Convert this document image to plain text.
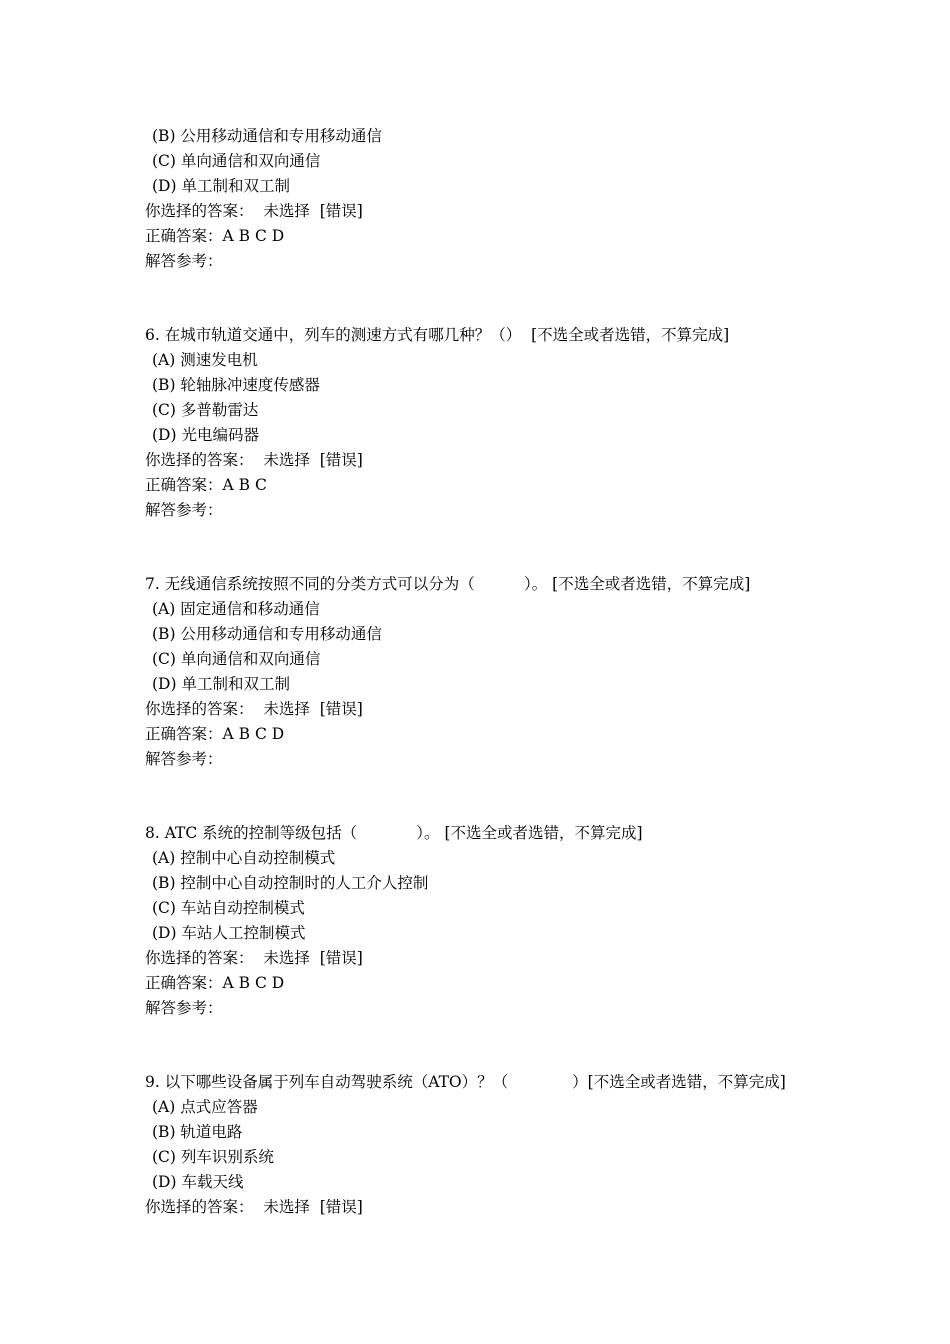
(B) 公用移动通信和专用移动通信
(C) 单向通信和双向通信
(D) 单工制和双工制
你选择的答案：  未选择  [错误]
正确答案：A B C D
解答参考：
6. 在城市轨道交通中，列车的测速方式有哪几种？（）  [不选全或者选错，不算完成]
(A) 测速发电机
(B) 轮轴脉冲速度传感器
(C) 多普勒雷达
(D) 光电编码器
你选择的答案：  未选择  [错误]
正确答案：A B C
解答参考：
7. 无线通信系统按照不同的分类方式可以分为（          ）。 [不选全或者选错，不算完成]
(A) 固定通信和移动通信
(B) 公用移动通信和专用移动通信
(C) 单向通信和双向通信
(D) 单工制和双工制
你选择的答案：  未选择  [错误]
正确答案：A B C D
解答参考：
8. ATC 系统的控制等级包括（            ）。 [不选全或者选错，不算完成]
(A) 控制中心自动控制模式
(B) 控制中心自动控制时的人工介人控制
(C) 车站自动控制模式
(D) 车站人工控制模式
你选择的答案：  未选择  [错误]
正确答案：A B C D
解答参考：
9. 以下哪些设备属于列车自动驾驶系统（ATO）？（             ）[不选全或者选错，不算完成]
(A) 点式应答器
(B) 轨道电路
(C) 列车识别系统
(D) 车载天线
你选择的答案：  未选择  [错误]
